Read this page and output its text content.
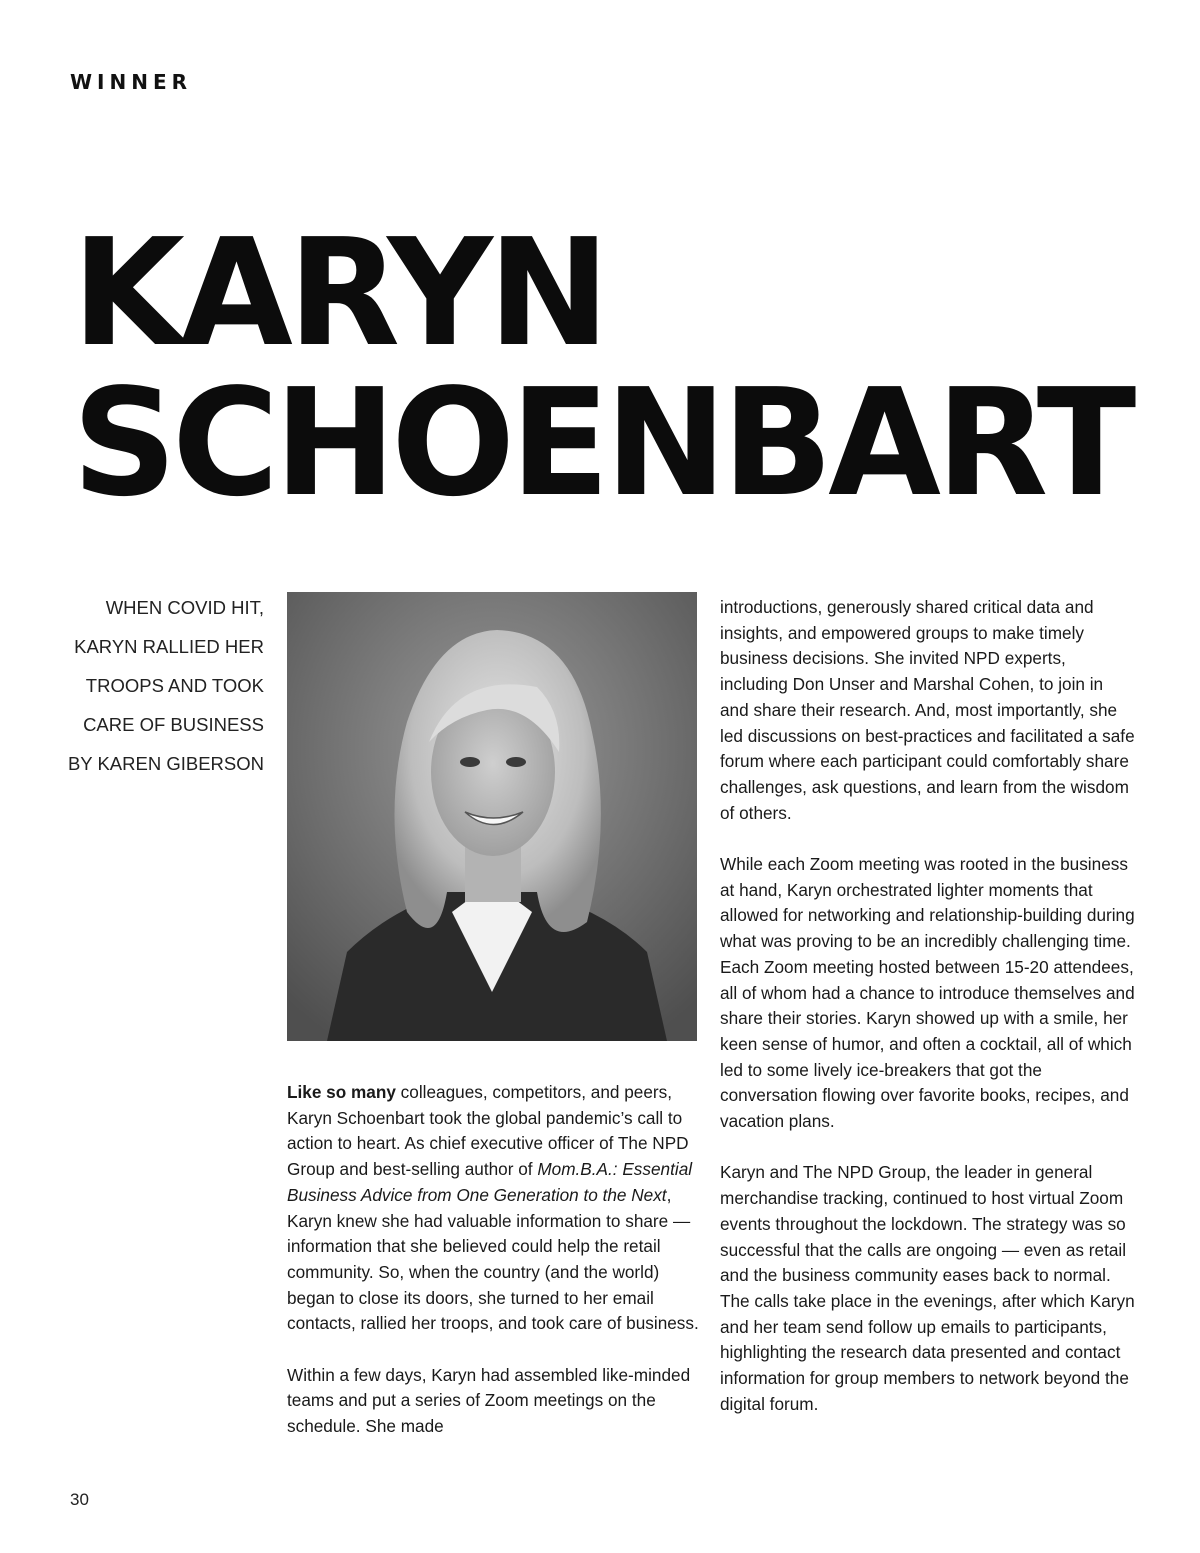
WINNER
KARYN
SCHOENBART
WHEN COVID HIT,
KARYN RALLIED HER
TROOPS AND TOOK
CARE OF BUSINESS
BY KAREN GIBERSON

Like so many colleagues, competitors, and peers, Karyn Schoenbart took the global pandemic’s call to action to heart. As chief executive officer of The NPD Group and best-selling author of Mom.B.A.: Essential Business Advice from One Generation to the Next, Karyn knew she had valuable information to share — information that she believed could help the retail community. So, when the country (and the world) began to close its doors, she turned to her email contacts, rallied her troops, and took care of business.

Within a few days, Karyn had assembled like-minded teams and put a series of Zoom meetings on the schedule. She made

introductions, generously shared critical data and insights, and empowered groups to make timely business decisions. She invited NPD experts, including Don Unser and Marshal Cohen, to join in and share their research. And, most importantly, she led discussions on best-practices and facilitated a safe forum where each participant could comfortably share challenges, ask questions, and learn from the wisdom of others.

While each Zoom meeting was rooted in the business at hand, Karyn orchestrated lighter moments that allowed for networking and relationship-building during what was proving to be an incredibly challenging time. Each Zoom meeting hosted between 15-20 attendees, all of whom had a chance to introduce themselves and share their stories. Karyn showed up with a smile, her keen sense of humor, and often a cocktail, all of which led to some lively ice-breakers that got the conversation flowing over favorite books, recipes, and vacation plans.

Karyn and The NPD Group, the leader in general merchandise tracking, continued to host virtual Zoom events throughout the lockdown. The strategy was so successful that the calls are ongoing — even as retail and the business community eases back to normal. The calls take place in the evenings, after which Karyn and her team send follow up emails to participants, highlighting the research data presented and contact information for group members to network beyond the digital forum.

30
